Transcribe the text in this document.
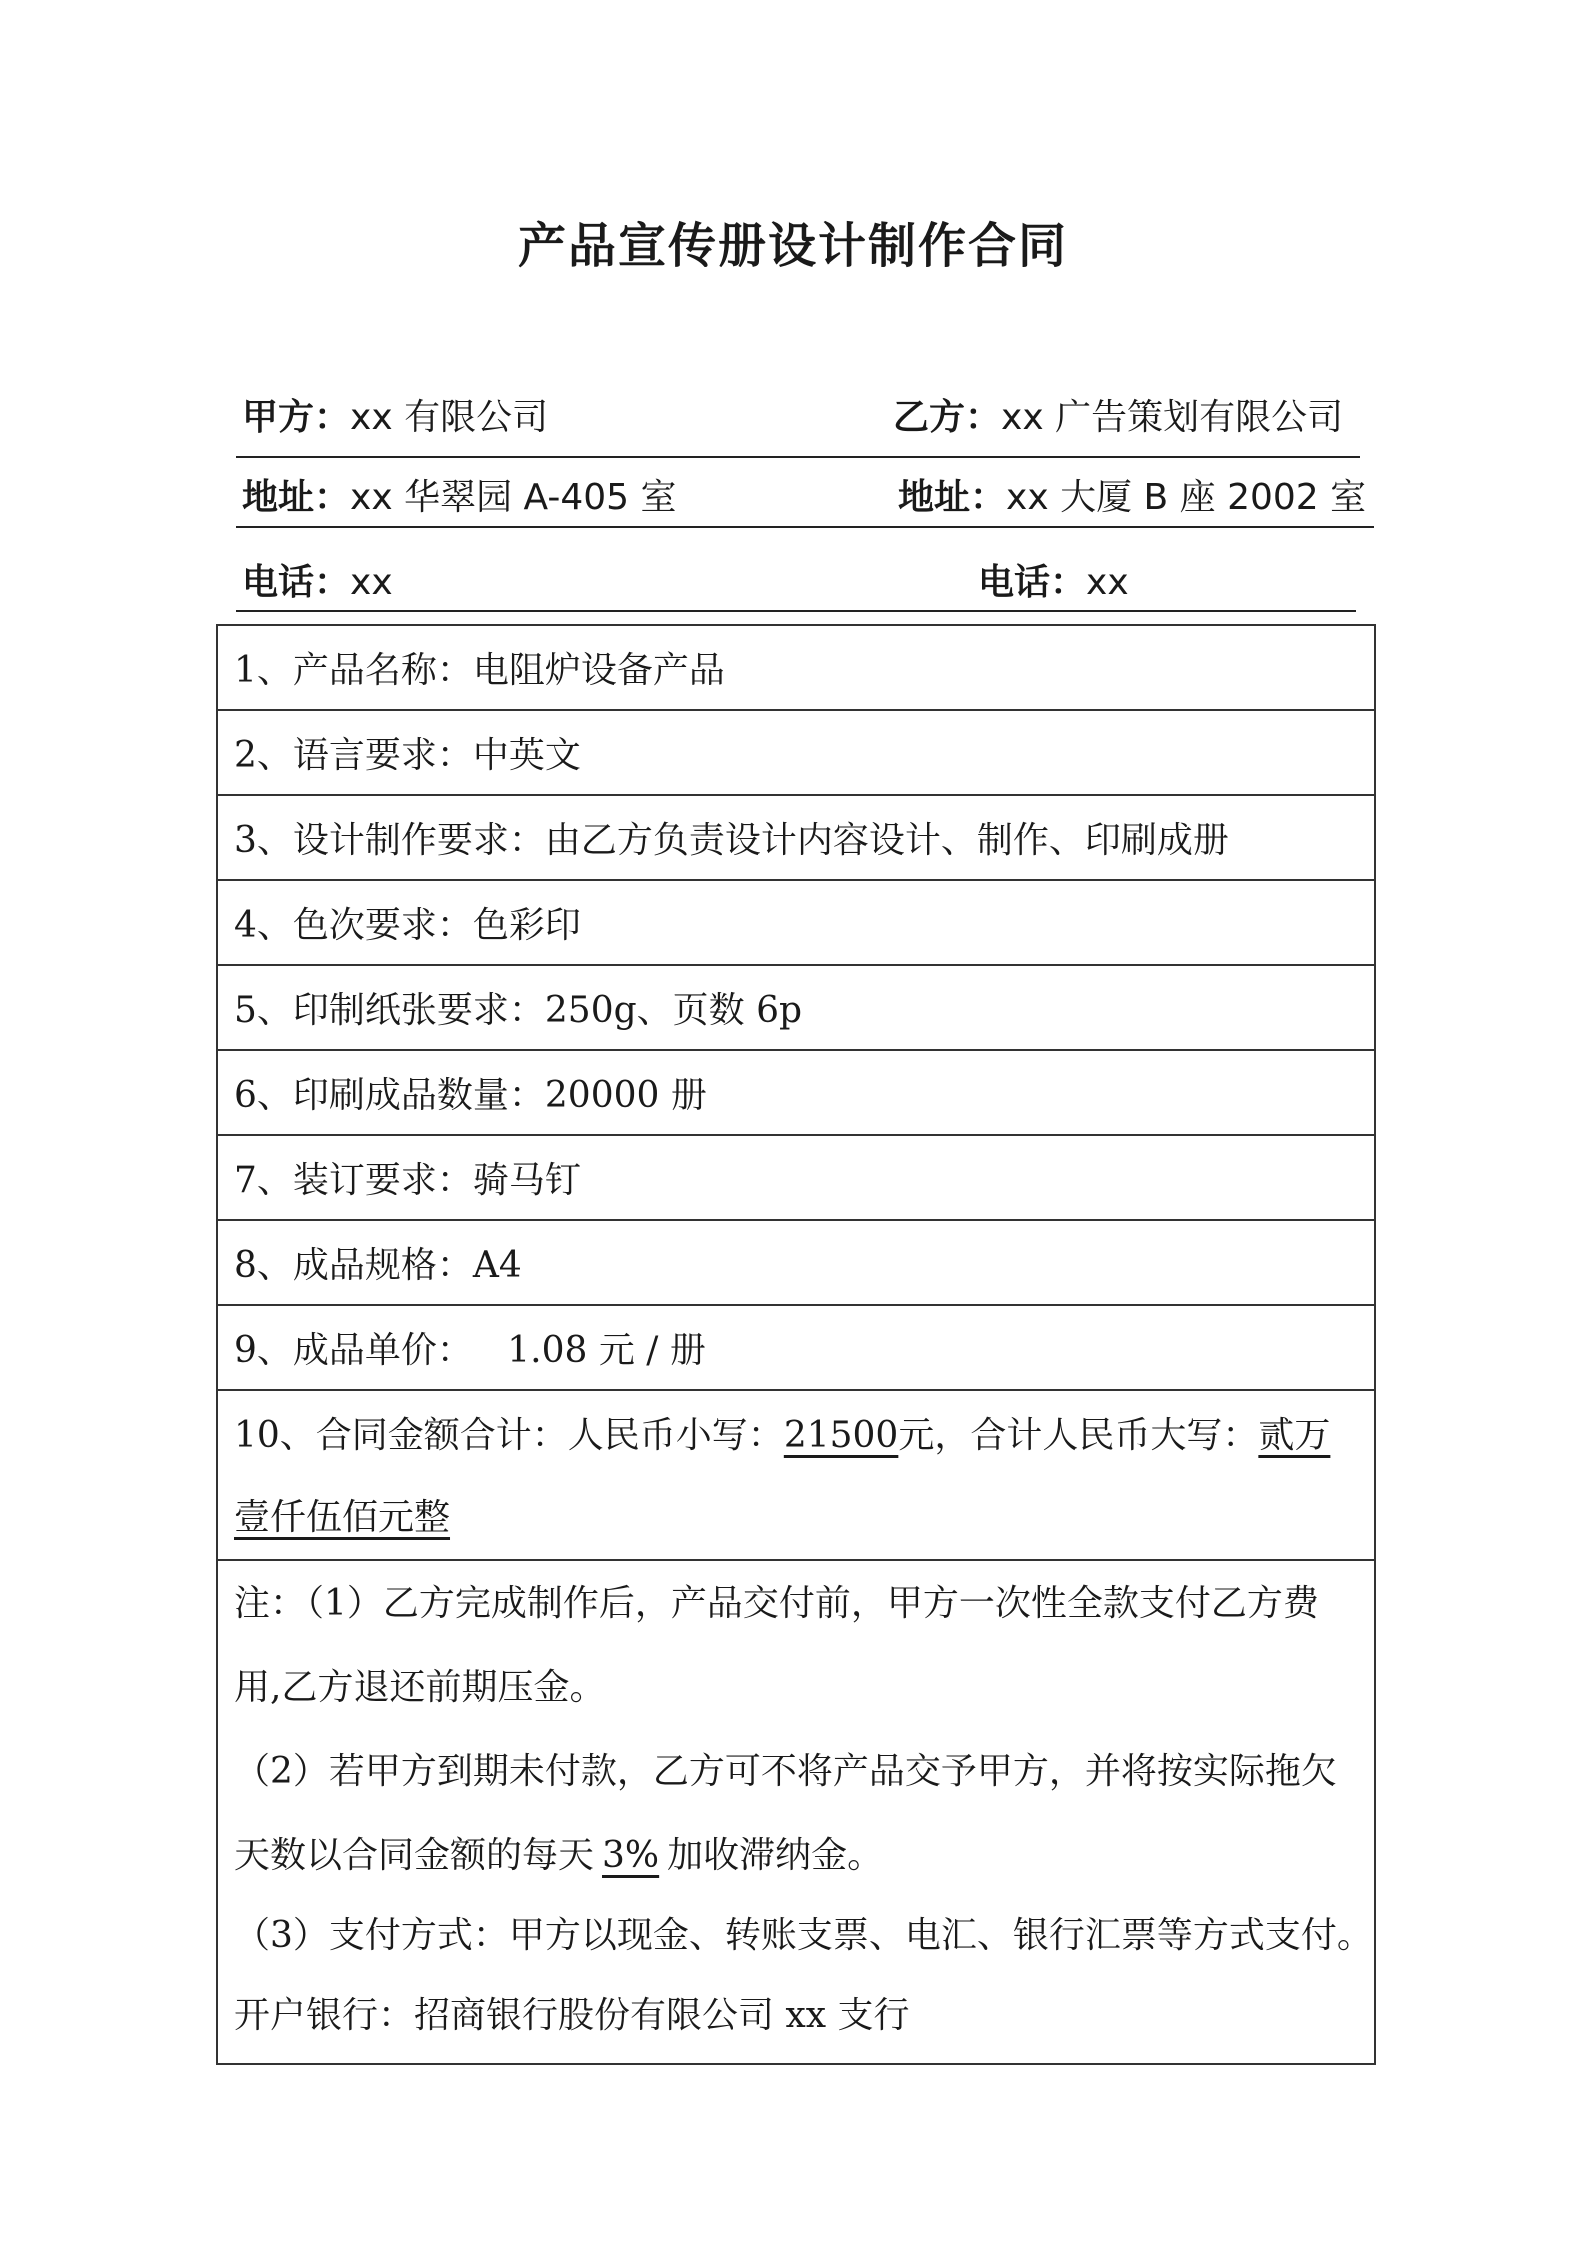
产品宣传册设计制作合同
甲方：xx 有限公司
地址：xx 华翠园 A-405 室
电话：xx
乙方：xx 广告策划有限公司
地址：xx 大厦 B 座 2002 室
电话：xx
1、产品名称：电阻炉设备产品
2、语言要求：中英文
3、设计制作要求：由乙方负责设计内容设计、制作、印刷成册
4、色次要求：色彩印
5、印制纸张要求：250g、页数 6p
6、印刷成品数量：20000 册
7、装订要求：骑马钉
8、成品规格：A4
9、成品单价：   1.08 元 / 册
10、合同金额合计：人民币小写：21500元，合计人民币大写：贰万
壹仟伍佰元整
注：（1）乙方完成制作后，产品交付前，甲方一次性全款支付乙方费
用,乙方退还前期压金。
（2）若甲方到期未付款，乙方可不将产品交予甲方，并将按实际拖欠
天数以合同金额的每天 3% 加收滞纳金。
（3）支付方式：甲方以现金、转账支票、电汇、银行汇票等方式支付。
开户银行：招商银行股份有限公司 xx 支行
